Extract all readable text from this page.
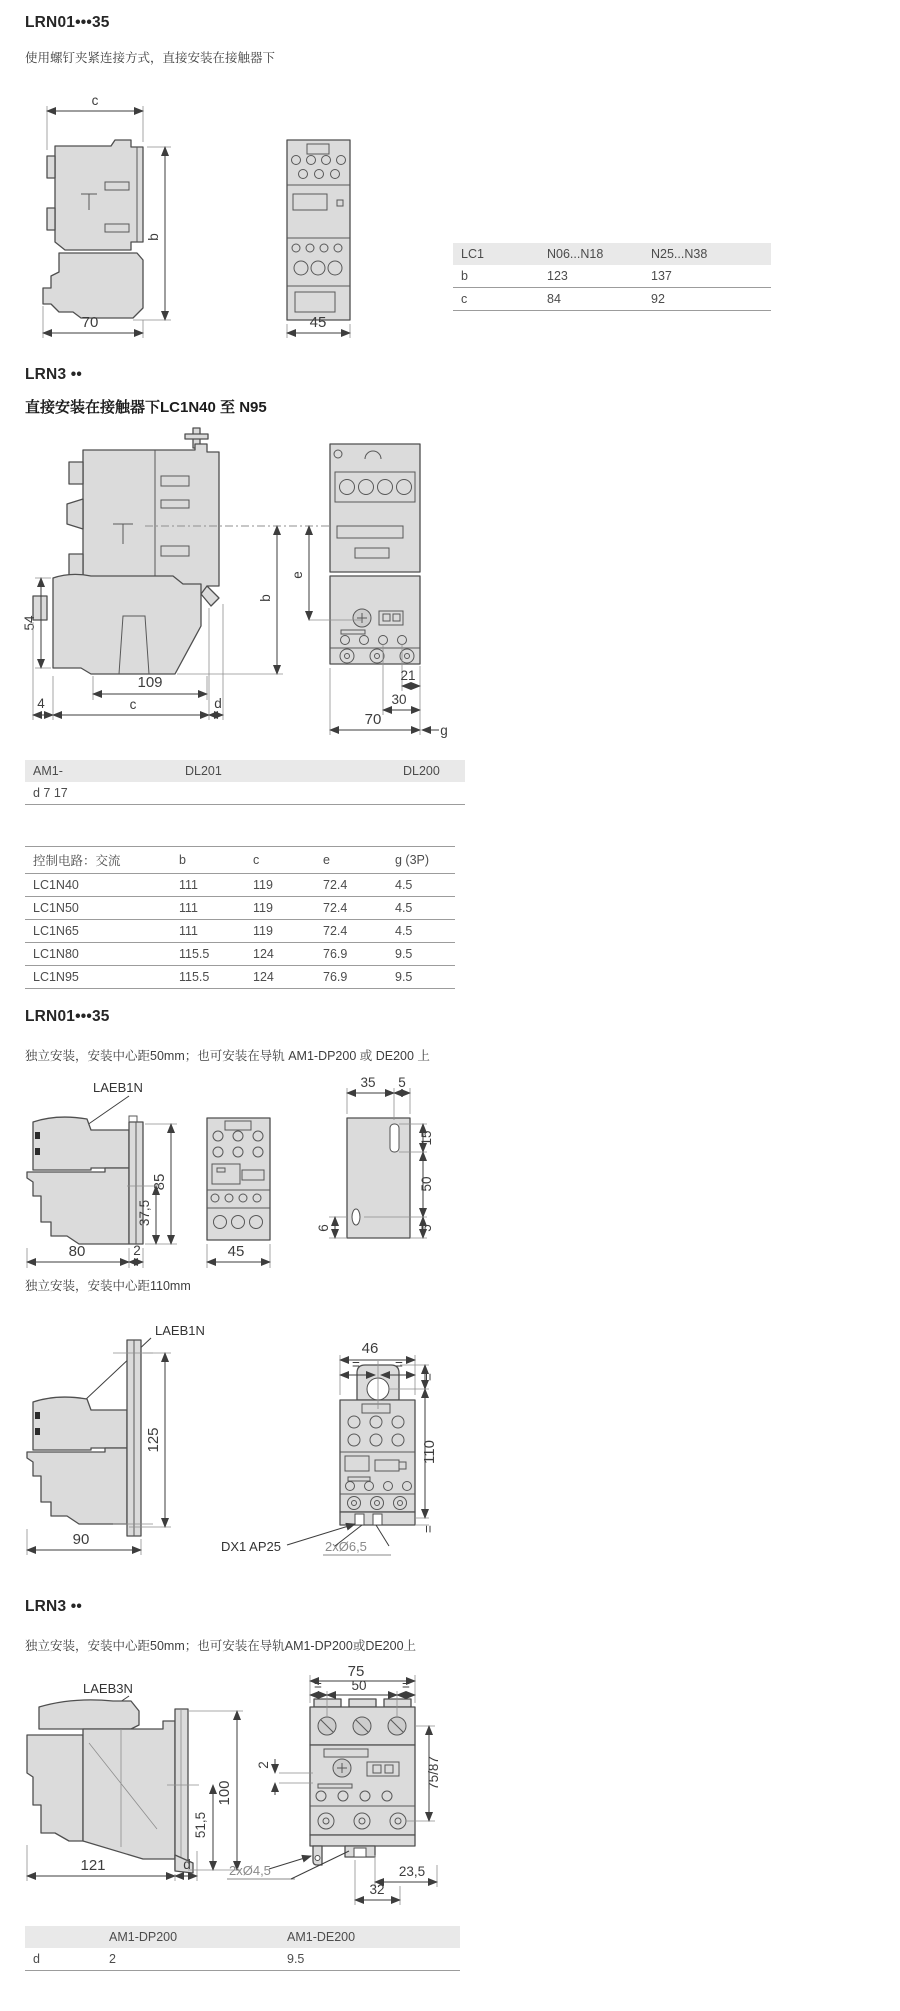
LRN01•••35

使用螺钉夹紧连接方式，直接安装在接触器下

c
b
70	45
LC1	N06...N18	N25...N38
b	123	137
c	84	92
LRN3 ••
直接安装在接触器下LC1N40 至 N95
54
b
e
109
4	c	d
21
30
70
g
AM1-	DL201	DL200
d 7 17		
控制电路：交流	b	c	e	g (3P)
LC1N40	111	119	72.4	4.5
LC1N50	111	119	72.4	4.5
LC1N65	111	119	72.4	4.5
LC1N80	115.5	124	76.9	9.5
LC1N95	115.5	124	76.9	9.5
LRN01•••35

独立安装，安装中心距50mm；也可安装在导轨 AM1-DP200 或 DE200 上

LAEB1N
85
37,5
80	2	45
35 5
15
50
5
6

独立安装，安装中心距110mm

LAEB1N
125
90
46
=	=
=
110
=
DX1 AP25	2xØ6,5
LRN3 ••

独立安装，安装中心距50mm；也可安装在导轨AM1-DP200或DE200上

LAEB3N
100
51,5
121	d
2
75
= 50	=
75/87
23,5
32
2xØ4,5
	AM1-DP200	AM1-DE200
d	2	9.5
